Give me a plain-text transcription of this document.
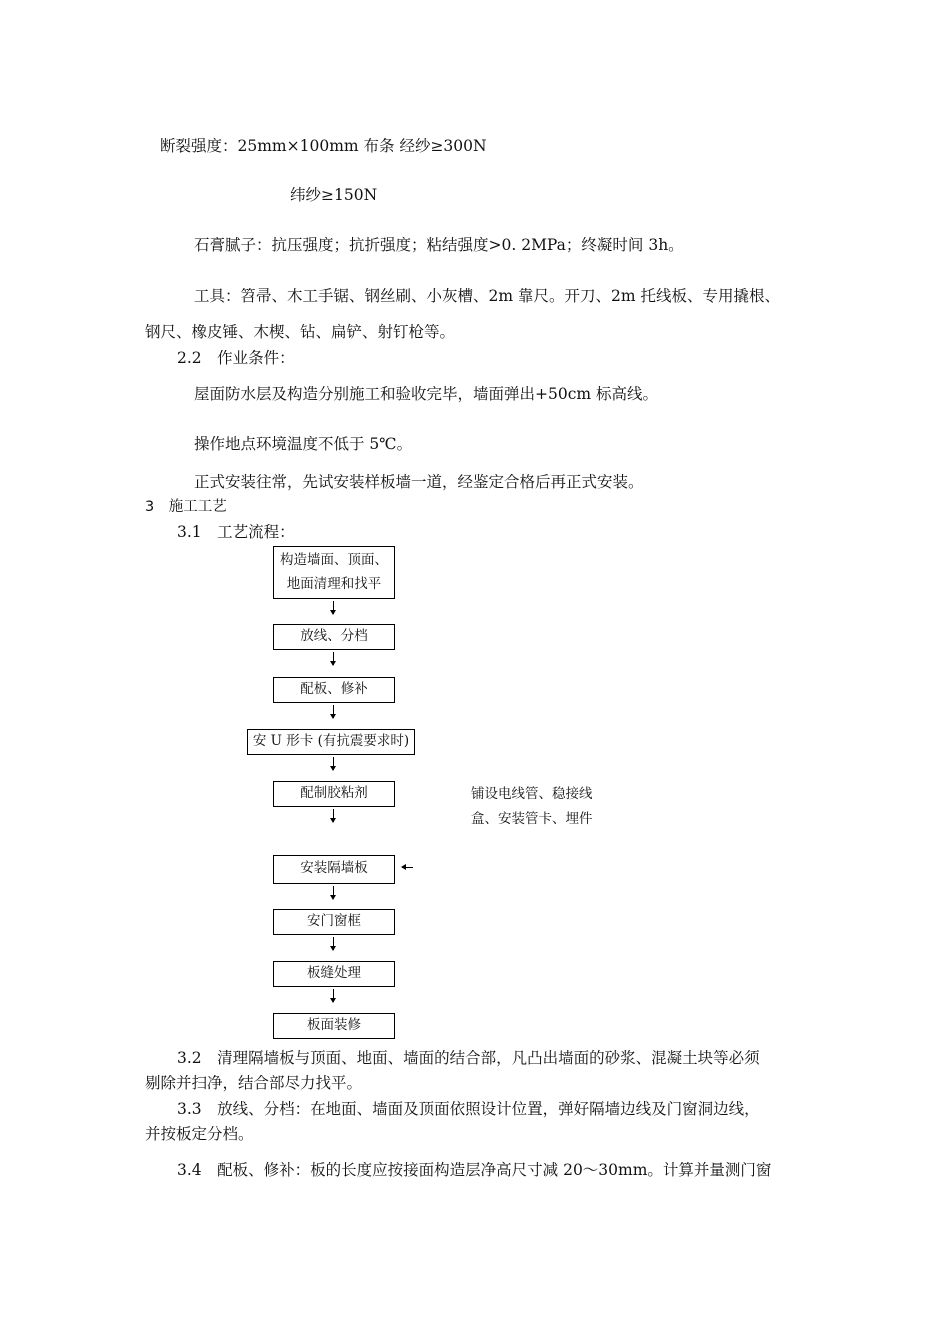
断裂强度：25mm×100mm 布条 经纱≥300N
纬纱≥150N
石膏腻子：抗压强度；抗折强度；粘结强度>0. 2MPa；终凝时间 3h。
工具：笤帚、木工手锯、钢丝刷、小灰槽、2m 靠尺。开刀、2m 托线板、专用撬根、
钢尺、橡皮锤、木楔、钻、扁铲、射钉枪等。
2.2　作业条件：
屋面防水层及构造分别施工和验收完毕，墙面弹出+50cm 标高线。
操作地点环境温度不低于 5℃。
正式安装往常，先试安装样板墙一道，经鉴定合格后再正式安装。
3　施工工艺
3.1　工艺流程：
构造墙面、顶面、
地面清理和找平
放线、分档
配板、修补
安 U 形卡 (有抗震要求时)
配制胶粘剂	铺设电线管、稳接线
盒、安装管卡、埋件
安装隔墙板
安门窗框
板缝处理
板面装修
3.2　清理隔墙板与顶面、地面、墙面的结合部，凡凸出墙面的砂浆、混凝土块等必须
剔除并扫净，结合部尽力找平。
3.3　放线、分档：在地面、墙面及顶面依照设计位置，弹好隔墙边线及门窗洞边线，
并按板定分档。
3.4　配板、修补：板的长度应按接面构造层净高尺寸减 20～30mm。计算并量测门窗
